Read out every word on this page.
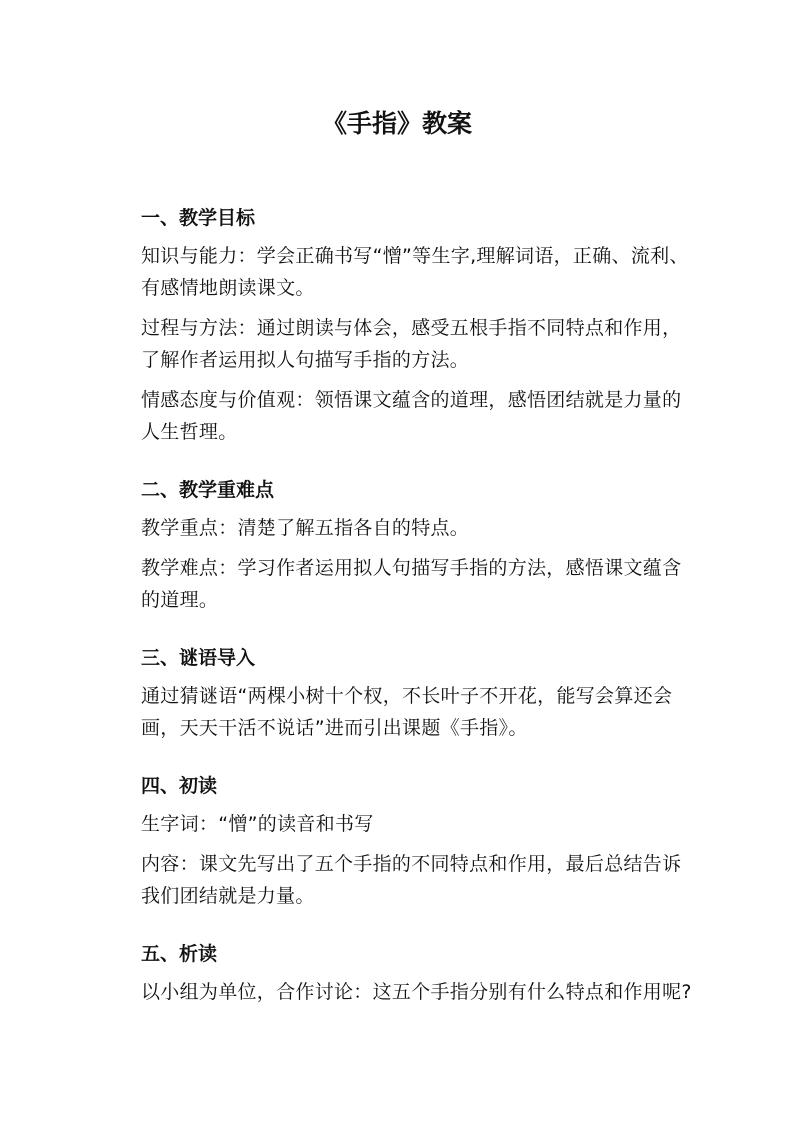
《手指》教案
一、教学目标

知识与能力：学会正确书写“憎”等生字,理解词语，正确、流利、有感情地朗读课文。

过程与方法：通过朗读与体会，感受五根手指不同特点和作用，了解作者运用拟人句描写手指的方法。

情感态度与价值观：领悟课文蕴含的道理，感悟团结就是力量的人生哲理。

二、教学重难点

教学重点：清楚了解五指各自的特点。

教学难点：学习作者运用拟人句描写手指的方法，感悟课文蕴含的道理。

三、谜语导入

通过猜谜语“两棵小树十个杈，不长叶子不开花，能写会算还会画，天天干活不说话”进而引出课题《手指》。

四、初读

生字词：“憎”的读音和书写

内容：课文先写出了五个手指的不同特点和作用，最后总结告诉我们团结就是力量。

五、析读

以小组为单位，合作讨论：这五个手指分别有什么特点和作用呢?
